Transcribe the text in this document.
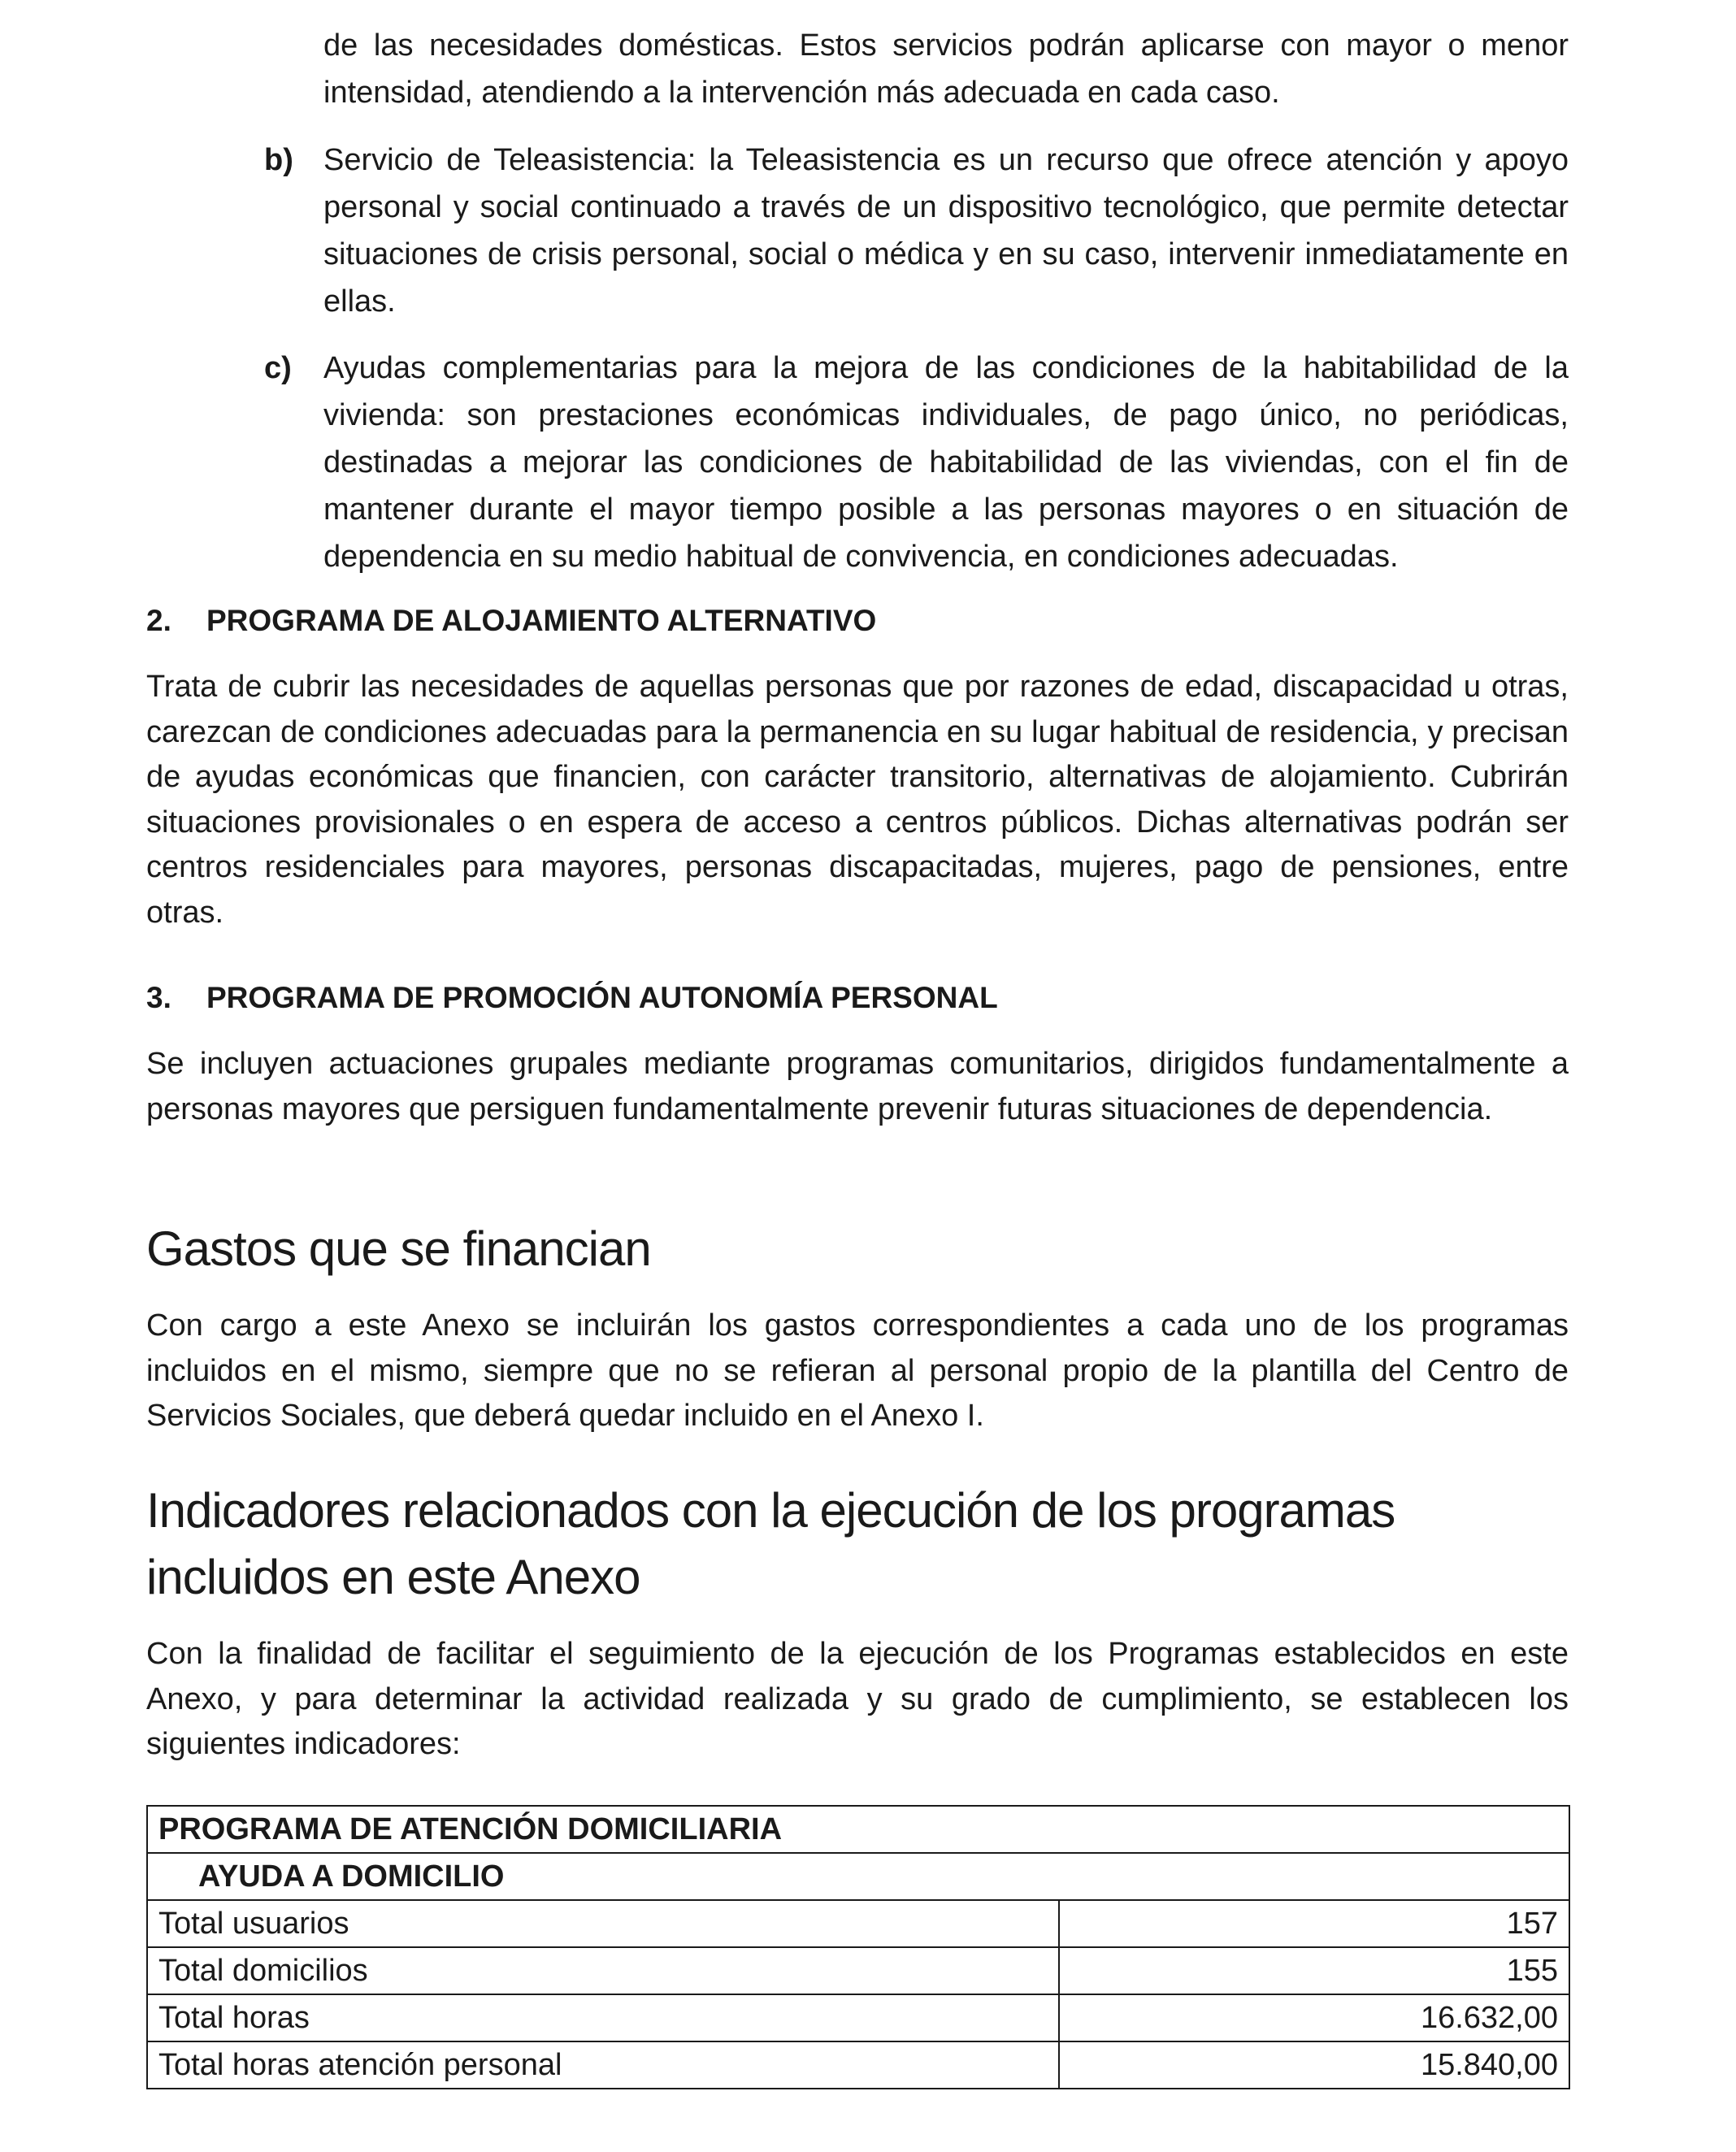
de las necesidades domésticas. Estos servicios podrán aplicarse con mayor o menor intensidad, atendiendo a la intervención más adecuada en cada caso.

b) Servicio de Teleasistencia: la Teleasistencia es un recurso que ofrece atención y apoyo personal y social continuado a través de un dispositivo tecnológico, que permite detectar situaciones de crisis personal, social o médica y en su caso, intervenir inmediatamente en ellas.

c)	Ayudas complementarias para la mejora de las condiciones de la habitabilidad de la vivienda: son prestaciones económicas individuales, de pago único, no periódicas, destinadas a mejorar las condiciones de habitabilidad de las viviendas, con el fin de mantener durante el mayor tiempo posible a las personas mayores o en situación de dependencia en su medio habitual de convivencia, en condiciones adecuadas.

2.	PROGRAMA DE ALOJAMIENTO ALTERNATIVO

Trata de cubrir las necesidades de aquellas personas que por razones de edad, discapacidad u otras, carezcan de condiciones adecuadas para la permanencia en su lugar habitual de residencia, y precisan de ayudas económicas que financien, con carácter transitorio, alternativas de alojamiento. Cubrirán situaciones provisionales o en espera de acceso a centros públicos. Dichas alternativas podrán ser centros residenciales para mayores, personas discapacitadas, mujeres, pago de pensiones, entre otras.

3.	PROGRAMA DE PROMOCIÓN AUTONOMÍA PERSONAL

Se incluyen actuaciones grupales mediante programas comunitarios, dirigidos fundamentalmente a personas mayores que persiguen fundamentalmente prevenir futuras situaciones de dependencia.

Gastos que se financian

Con cargo a este Anexo se incluirán los gastos correspondientes a cada uno de los programas incluidos en el mismo, siempre que no se refieran al personal propio de la plantilla del Centro de Servicios Sociales, que deberá quedar incluido en el Anexo I.

Indicadores relacionados con la ejecución de los programas incluidos en este Anexo

Con la finalidad de facilitar el seguimiento de la ejecución de los Programas establecidos en este Anexo, y para determinar la actividad realizada y su grado de cumplimiento, se establecen los siguientes indicadores:

PROGRAMA DE ATENCIÓN DOMICILIARIA	
AYUDA A DOMICILIO	
Total usuarios	157
Total domicilios	155
Total horas	16.632,00
Total horas atención personal	15.840,00
